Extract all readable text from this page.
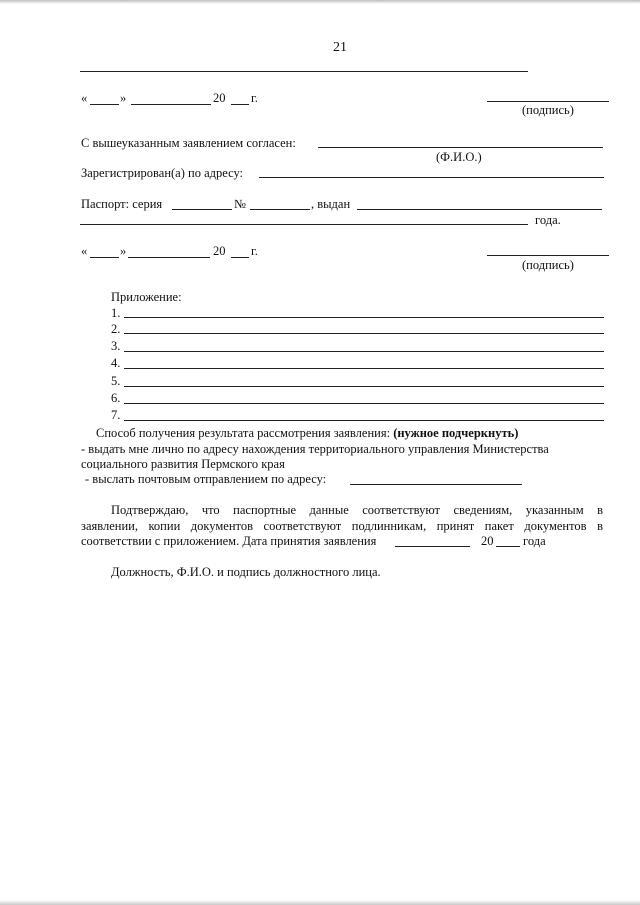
21
«	»	20 г.
(подпись)
С вышеуказанным заявлением согласен:
(Ф.И.О.)
Зарегистрирован(а) по адресу:
Паспорт: серия	№	, выдан
года.
«	»	20 г.
(подпись)
Приложение:
1.
2.
3.
4.
5.
6.
7.
Способ получения результата рассмотрения заявления: (нужное подчеркнуть)
- выдать мне лично по адресу нахождения территориального управления Министерства
социального развития Пермского края
- выслать почтовым отправлением по адресу:
Подтверждаю, что паспортные данные соответствуют сведениям, указанным в
заявлении, копии документов соответствуют подлинникам, принят пакет документов в
соответствии с приложением. Дата принятия заявления	20 года
Должность, Ф.И.О. и подпись должностного лица.
